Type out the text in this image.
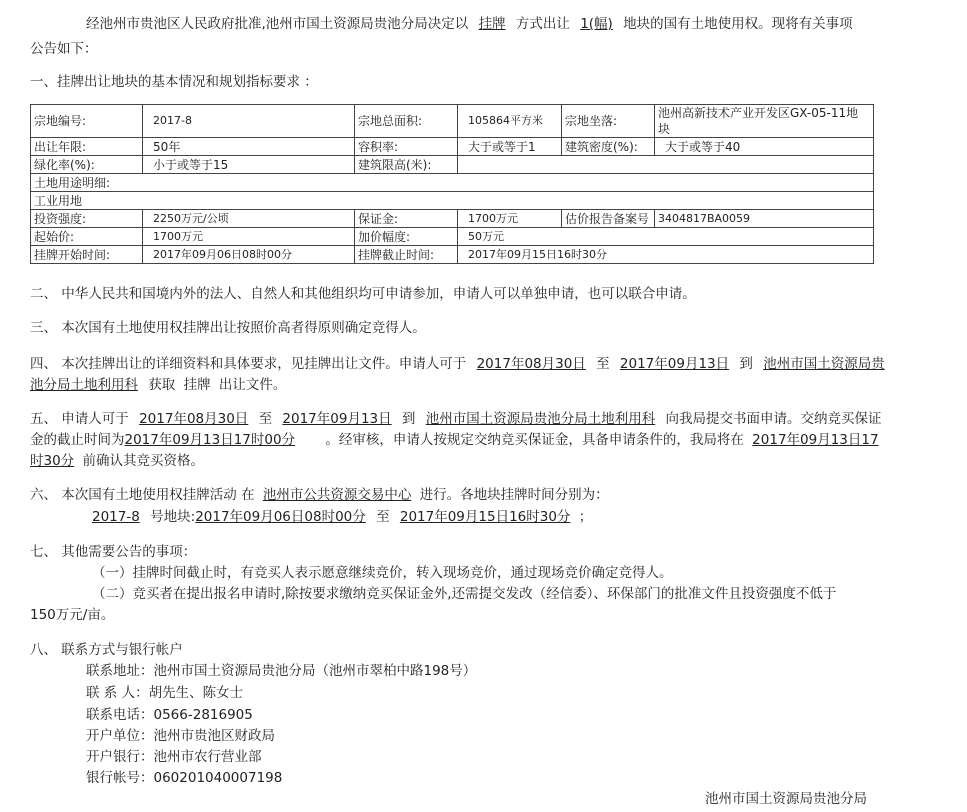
经池州市贵池区人民政府批准,池州市国土资源局贵池分局决定以 挂牌 方式出让 1(幅) 地块的国有土地使用权。现将有关事项
公告如下：
一、挂牌出让地块的基本情况和规划指标要求 ：
宗地编号:	2017-8	宗地总面积:	105864平方米	宗地坐落:	池州高新技术产业开发区GX-05-11地块
出让年限:	50年	容积率:	大于或等于1	建筑密度(%):	大于或等于40
绿化率(%):	小于或等于15	建筑限高(米):			
土地用途明细:					
工业用地					
投资强度:	2250万元/公顷	保证金:	1700万元	估价报告备案号	3404817BA0059
起始价:	1700万元	加价幅度:	50万元		
挂牌开始时间:	2017年09月06日08时00分	挂牌截止时间:	2017年09月15日16时30分		
二、 中华人民共和国境内外的法人、自然人和其他组织均可申请参加，申请人可以单独申请，也可以联合申请。
三、 本次国有土地使用权挂牌出让按照价高者得原则确定竞得人。
四、 本次挂牌出让的详细资料和具体要求，见挂牌出让文件。申请人可于 2017年08月30日 至 2017年09月13日 到 池州市国土资源局贵
池分局土地利用科 获取 挂牌 出让文件。
五、 申请人可于 2017年08月30日 至 2017年09月13日 到 池州市国土资源局贵池分局土地利用科 向我局提交书面申请。交纳竞买保证
金的截止时间为2017年09月13日17时00分 。经审核，申请人按规定交纳竞买保证金，具备申请条件的，我局将在 2017年09月13日17
时30分 前确认其竞买资格。
六、 本次国有土地使用权挂牌活动 在 池州市公共资源交易中心 进行。各地块挂牌时间分别为：
2017-8 号地块:2017年09月06日08时00分 至 2017年09月15日16时30分 ；
七、 其他需要公告的事项：
（一）挂牌时间截止时，有竞买人表示愿意继续竞价，转入现场竞价，通过现场竞价确定竞得人。
（二）竞买者在提出报名申请时,除按要求缴纳竞买保证金外,还需提交发改（经信委）、环保部门的批准文件且投资强度不低于
150万元/亩。
八、 联系方式与银行帐户
联系地址：池州市国土资源局贵池分局（池州市翠柏中路198号）
联 系 人：胡先生、陈女士
联系电话：0566-2816905
开户单位：池州市贵池区财政局
开户银行：池州市农行营业部
银行帐号：060201040007198
池州市国土资源局贵池分局
